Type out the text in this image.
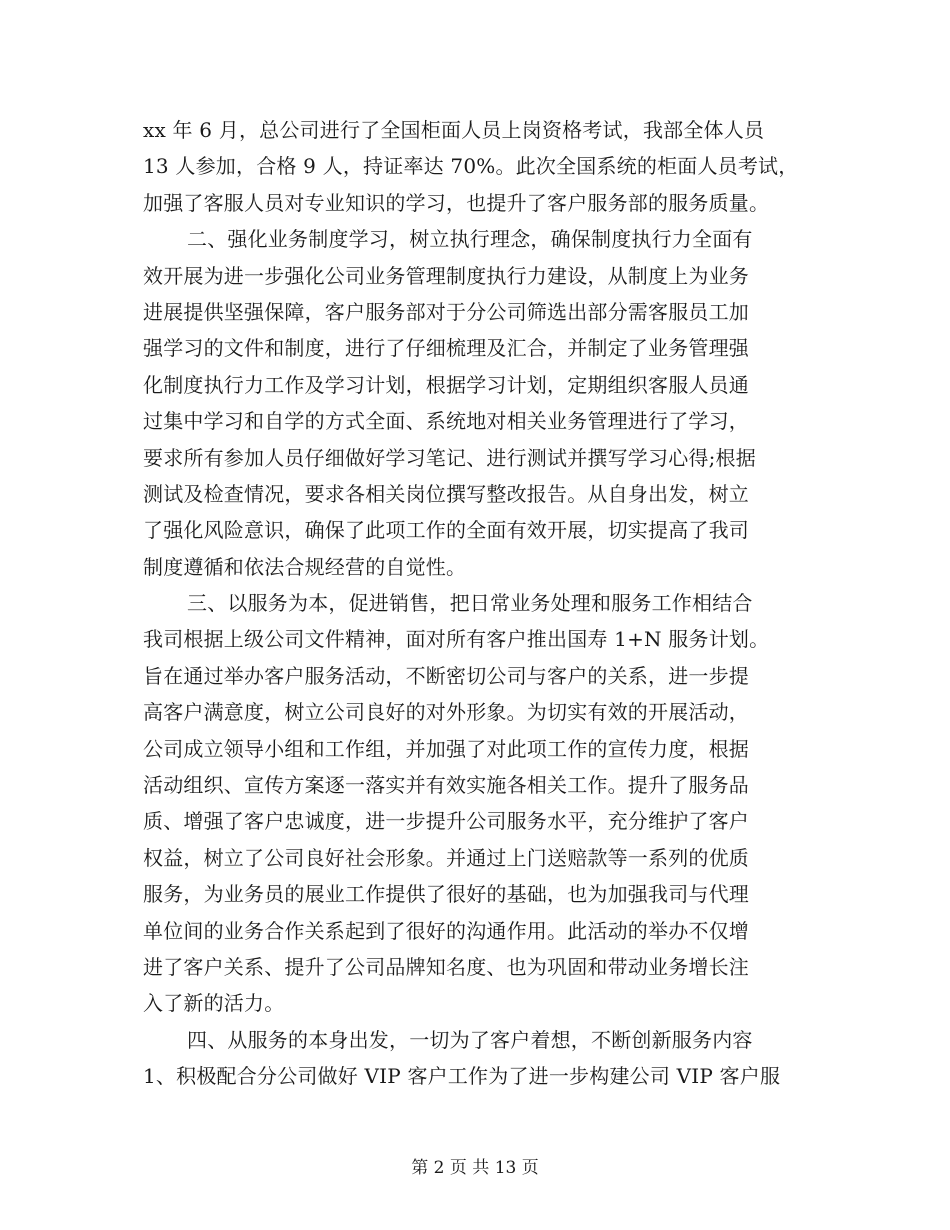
xx 年 6 月，总公司进行了全国柜面人员上岗资格考试，我部全体人员
13 人参加，合格 9 人，持证率达 70%。此次全国系统的柜面人员考试，
加强了客服人员对专业知识的学习，也提升了客户服务部的服务质量。
二、强化业务制度学习，树立执行理念，确保制度执行力全面有
效开展为进一步强化公司业务管理制度执行力建设，从制度上为业务
进展提供坚强保障，客户服务部对于分公司筛选出部分需客服员工加
强学习的文件和制度，进行了仔细梳理及汇合，并制定了业务管理强
化制度执行力工作及学习计划，根据学习计划，定期组织客服人员通
过集中学习和自学的方式全面、系统地对相关业务管理进行了学习，
要求所有参加人员仔细做好学习笔记、进行测试并撰写学习心得;根据
测试及检查情况，要求各相关岗位撰写整改报告。从自身出发，树立
了强化风险意识，确保了此项工作的全面有效开展，切实提高了我司
制度遵循和依法合规经营的自觉性。
三、以服务为本，促进销售，把日常业务处理和服务工作相结合
我司根据上级公司文件精神，面对所有客户推出国寿 1+N 服务计划。
旨在通过举办客户服务活动，不断密切公司与客户的关系，进一步提
高客户满意度，树立公司良好的对外形象。为切实有效的开展活动，
公司成立领导小组和工作组，并加强了对此项工作的宣传力度，根据
活动组织、宣传方案逐一落实并有效实施各相关工作。提升了服务品
质、增强了客户忠诚度，进一步提升公司服务水平，充分维护了客户
权益，树立了公司良好社会形象。并通过上门送赔款等一系列的优质
服务，为业务员的展业工作提供了很好的基础，也为加强我司与代理
单位间的业务合作关系起到了很好的沟通作用。此活动的举办不仅增
进了客户关系、提升了公司品牌知名度、也为巩固和带动业务增长注
入了新的活力。
四、从服务的本身出发，一切为了客户着想，不断创新服务内容
1、积极配合分公司做好 VIP 客户工作为了进一步构建公司 VIP 客户服
第 2 页 共 13 页
